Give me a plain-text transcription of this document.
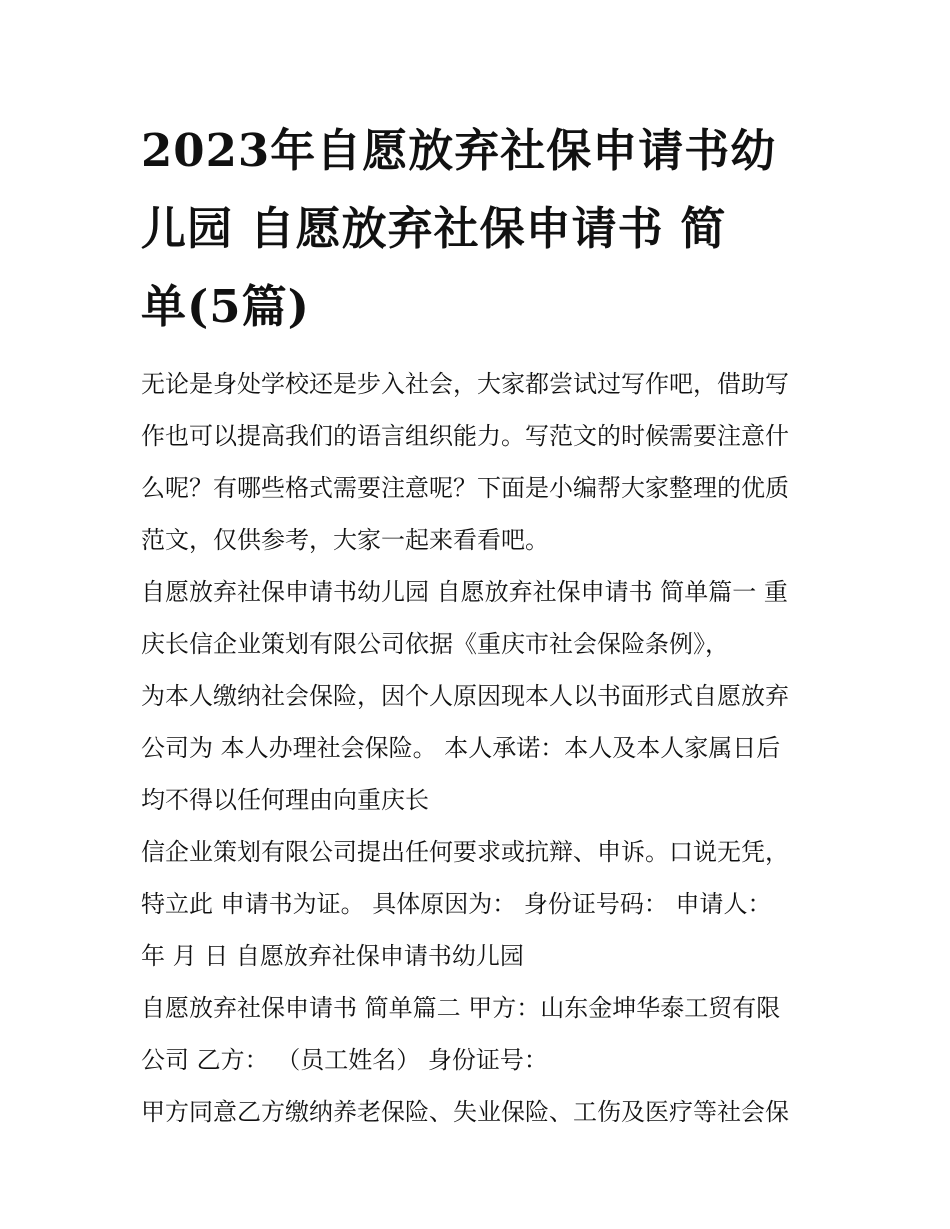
2023年自愿放弃社保申请书幼
儿园 自愿放弃社保申请书 简
单(5篇)
无论是身处学校还是步入社会，大家都尝试过写作吧，借助写
作也可以提高我们的语言组织能力。写范文的时候需要注意什
么呢？有哪些格式需要注意呢？下面是小编帮大家整理的优质
范文，仅供参考，大家一起来看看吧。
自愿放弃社保申请书幼儿园 自愿放弃社保申请书 简单篇一 重
庆长信企业策划有限公司依据《重庆市社会保险条例》，
为本人缴纳社会保险，因个人原因现本人以书面形式自愿放弃
公司为 本人办理社会保险。 本人承诺：本人及本人家属日后
均不得以任何理由向重庆长
信企业策划有限公司提出任何要求或抗辩、申诉。口说无凭，
特立此 申请书为证。 具体原因为： 身份证号码： 申请人：
年 月 日 自愿放弃社保申请书幼儿园
自愿放弃社保申请书 简单篇二 甲方：山东金坤华泰工贸有限
公司 乙方： （员工姓名） 身份证号：
甲方同意乙方缴纳养老保险、失业保险、工伤及医疗等社会保
